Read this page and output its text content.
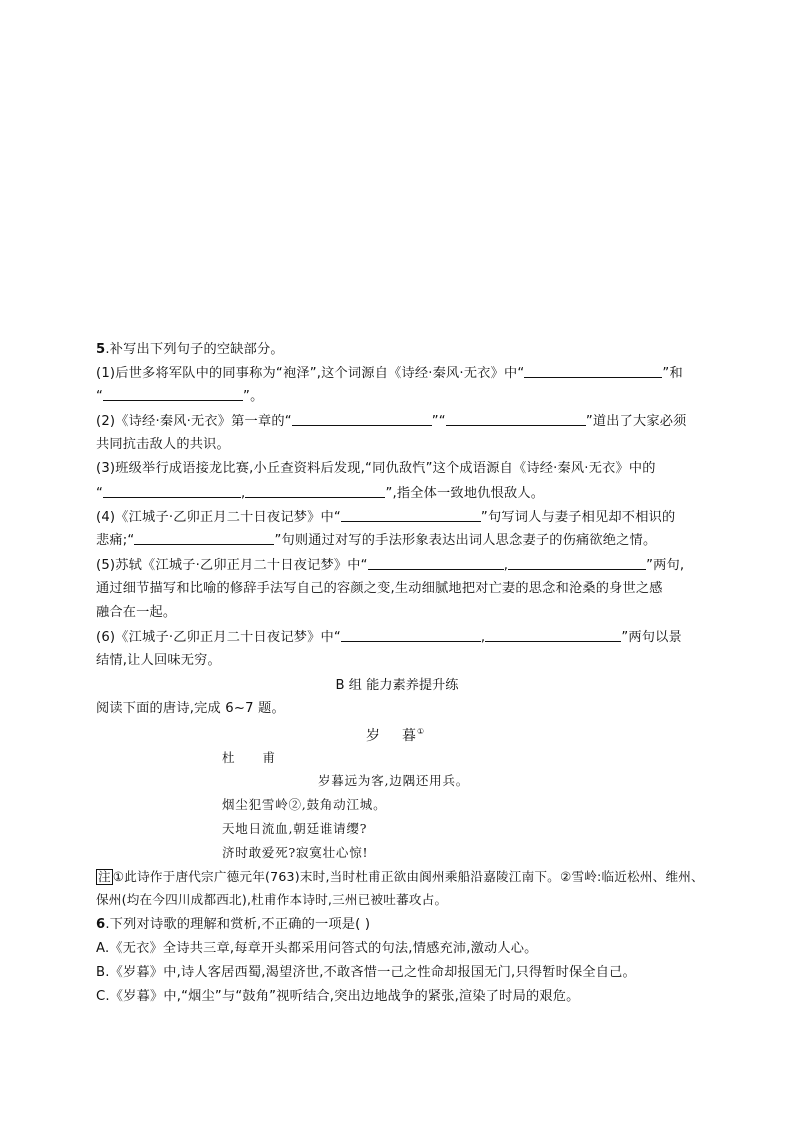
5.补写出下列句子的空缺部分。
(1)后世多将军队中的同事称为“袍泽”,这个词源自《诗经·秦风·无衣》中“	”和
“	”。
(2)《诗经·秦风·无衣》第一章的“	”“	”道出了大家必须
共同抗击敌人的共识。
(3)班级举行成语接龙比赛,小丘查资料后发现,“同仇敌忾”这个成语源自《诗经·秦风·无衣》中的
“	,	”,指全体一致地仇恨敌人。
(4)《江城子·乙卯正月二十日夜记梦》中“	”句写词人与妻子相见却不相识的
悲痛;“	”句则通过对写的手法形象表达出词人思念妻子的伤痛欲绝之情。
(5)苏轼《江城子·乙卯正月二十日夜记梦》中“	,	”两句,
通过细节描写和比喻的修辞手法写自己的容颜之变,生动细腻地把对亡妻的思念和沧桑的身世之感
融合在一起。
(6)《江城子·乙卯正月二十日夜记梦》中“	,	”两句以景
结情,让人回味无穷。
B 组 能力素养提升练
阅读下面的唐诗,完成 6~7 题。
岁 暮①
杜 甫
岁暮远为客,边隅还用兵。
烟尘犯雪岭②,鼓角动江城。
天地日流血,朝廷谁请缨?
济时敢爱死?寂寞壮心惊!
注 ①此诗作于唐代宗广德元年(763)末时,当时杜甫正欲由阆州乘船沿嘉陵江南下。②雪岭:临近松州、维州、
保州(均在今四川成都西北),杜甫作本诗时,三州已被吐蕃攻占。
6.下列对诗歌的理解和赏析,不正确的一项是( )
A.《无衣》全诗共三章,每章开头都采用问答式的句法,情感充沛,激动人心。
B.《岁暮》中,诗人客居西蜀,渴望济世,不敢吝惜一己之性命却报国无门,只得暂时保全自己。
C.《岁暮》中,“烟尘”与“鼓角”视听结合,突出边地战争的紧张,渲染了时局的艰危。
